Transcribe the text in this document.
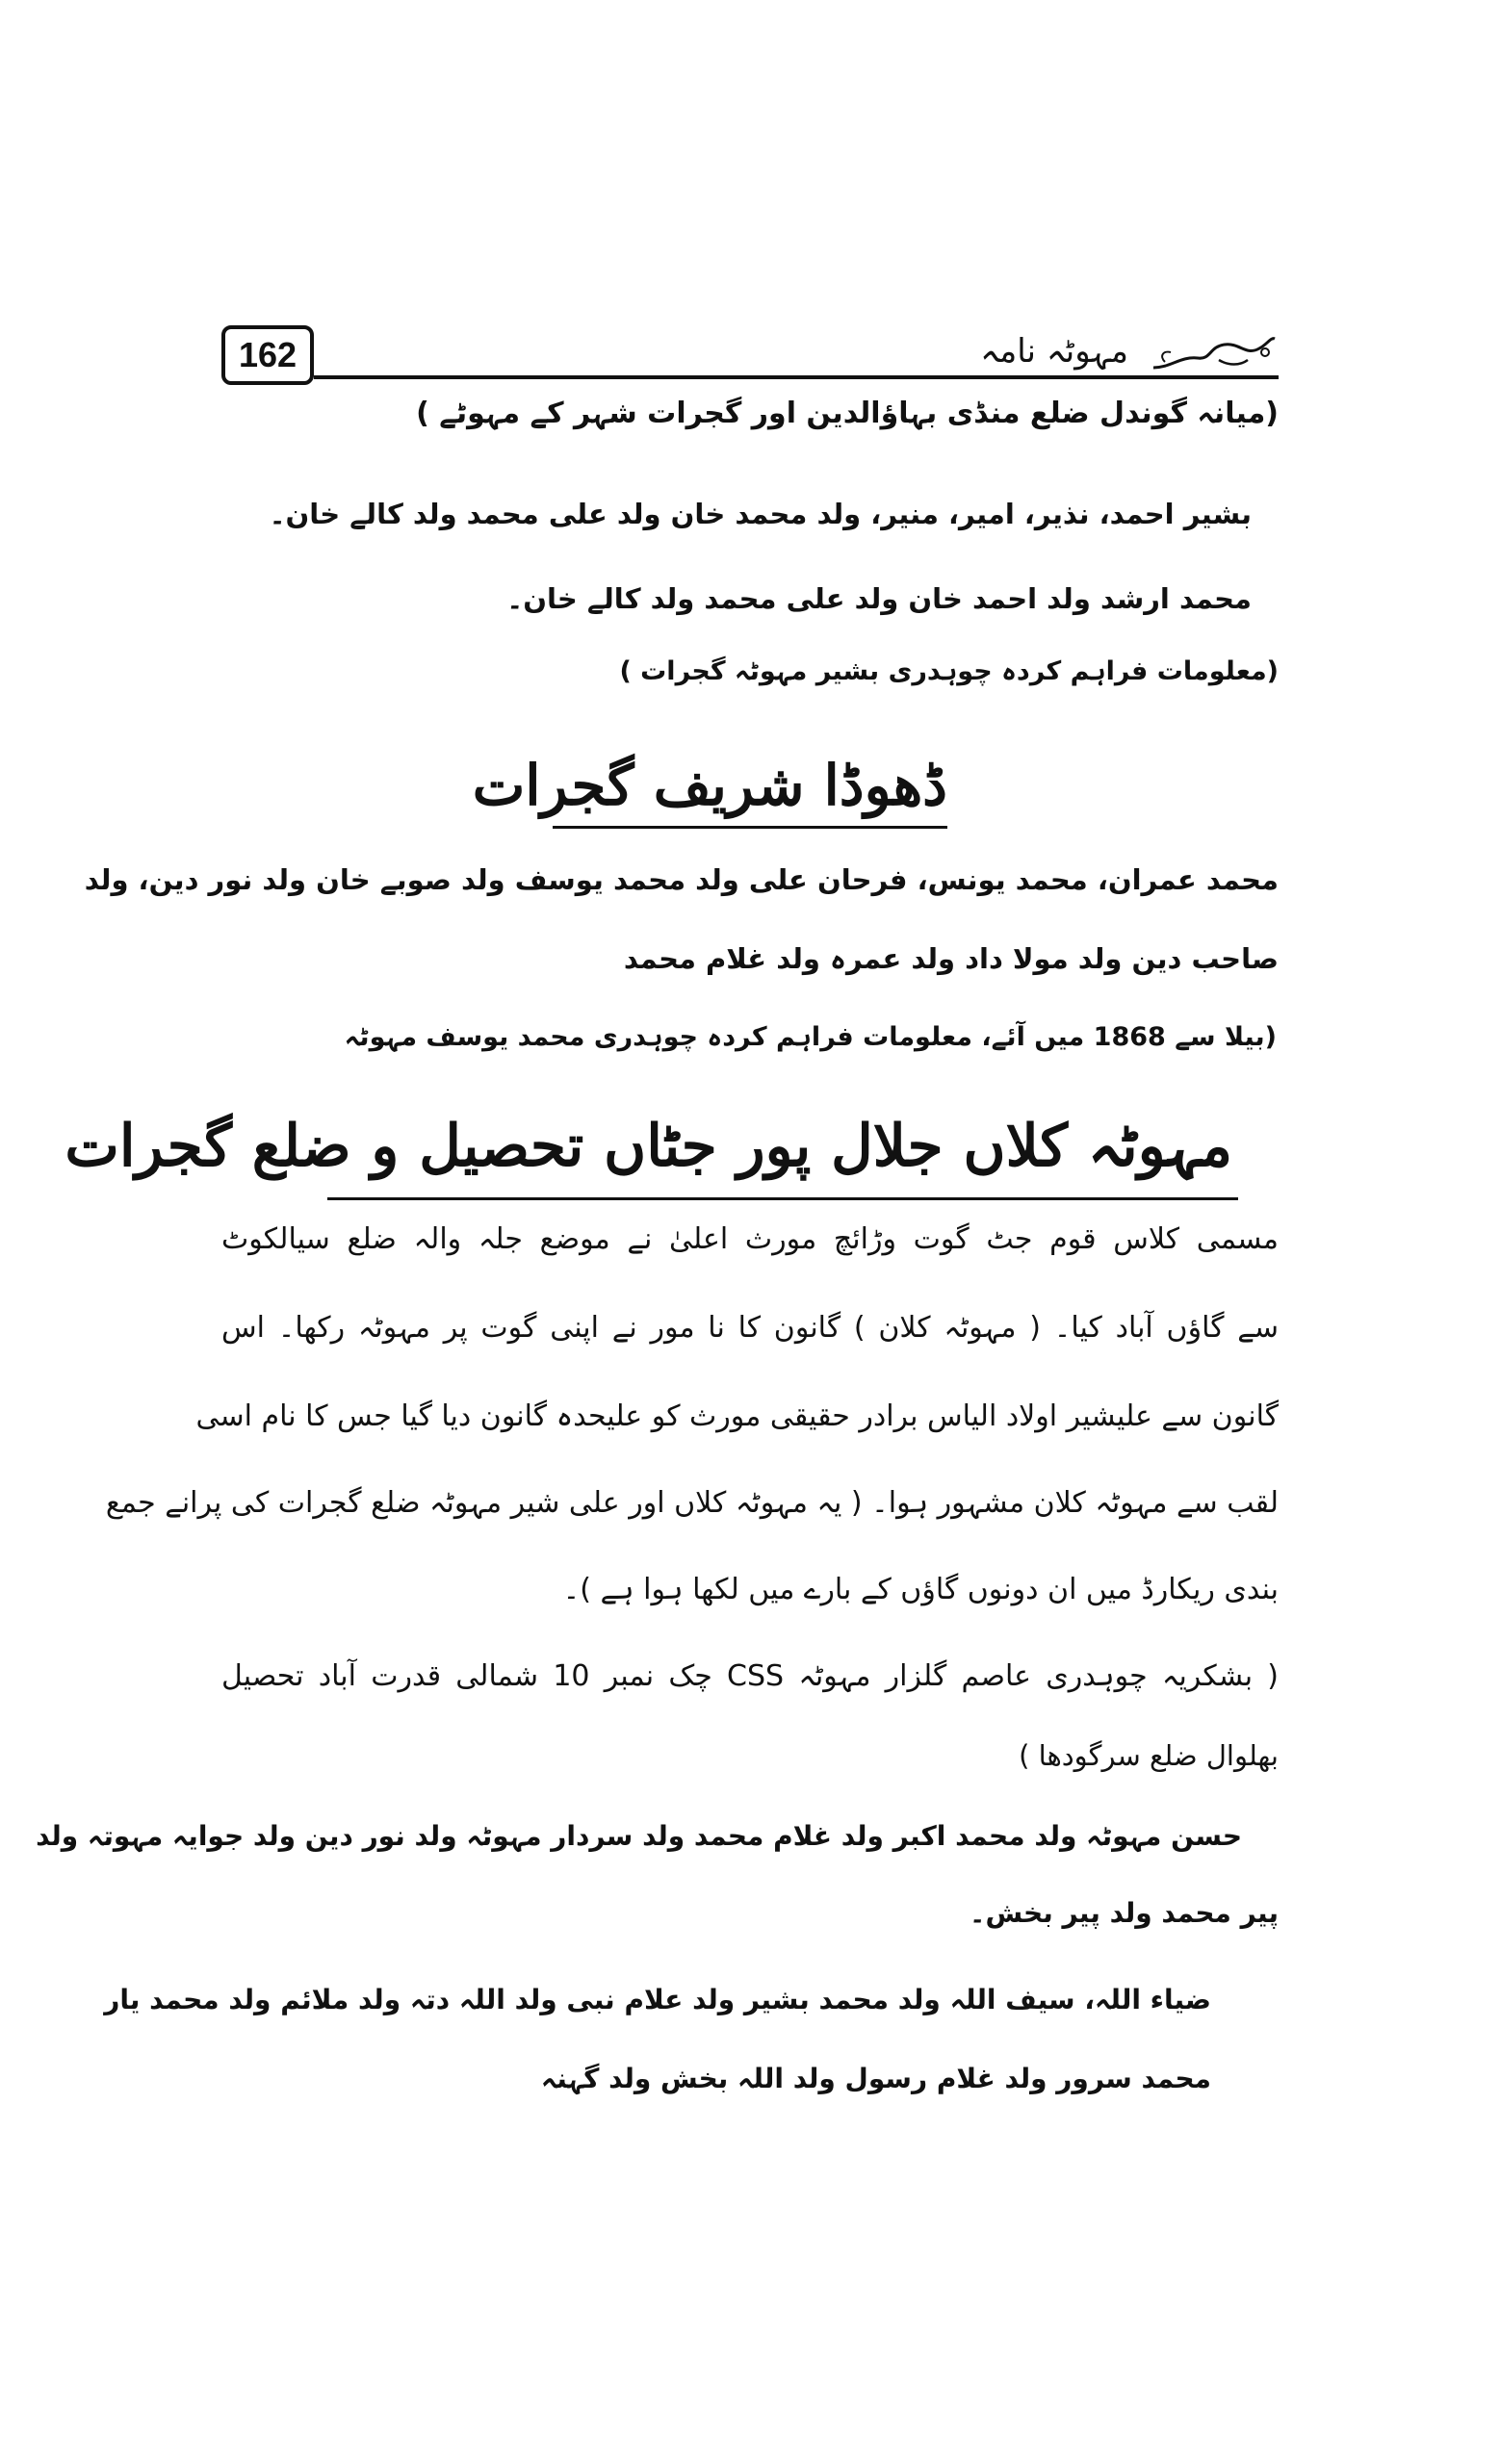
162	مہوٹہ نامہ
(میانہ گوندل ضلع منڈی بہاؤالدین اور گجرات شہر کے مہوٹے )
بشیر احمد، نذیر، امیر، منیر، ولد محمد خان ولد علی محمد ولد کالے خان۔
محمد ارشد ولد احمد خان ولد علی محمد ولد کالے خان۔
(معلومات فراہم کردہ چوہدری بشیر مہوٹہ گجرات )
ڈھوڈا شریف گجرات
محمد عمران، محمد یونس، فرحان علی ولد محمد یوسف ولد صوبے خان ولد نور دین، ولد
صاحب دین ولد مولا داد ولد عمرہ ولد غلام محمد
(بیلا سے 1868 میں آئے، معلومات فراہم کردہ چوہدری محمد یوسف مہوٹہ
مہوٹہ کلاں جلال پور جٹاں تحصیل و ضلع گجرات
مسمی کلاس قوم جٹ گوت وڑائچ مورث اعلیٰ نے موضع جلہ والہ ضلع سیالکوٹ
سے گاؤں آباد کیا۔ ( مہوٹہ کلان ) گانون کا نا مور نے اپنی گوت پر مہوٹہ رکھا۔ اس
گانون سے علیشیر اولاد الیاس برادر حقیقی مورث کو علیحدہ گانون دیا گیا جس کا نام اسی
لقب سے مہوٹہ کلان مشہور ہوا۔ ( یہ مہوٹہ کلاں اور علی شیر مہوٹہ ضلع گجرات کی پرانے جمع
بندی ریکارڈ میں ان دونوں گاؤں کے بارے میں لکھا ہوا ہے )۔
( بشکریہ چوہدری عاصم گلزار مہوٹہ CSS چک نمبر 10 شمالی قدرت آباد تحصیل
بھلوال ضلع سرگودھا )
حسن مہوٹہ ولد محمد اکبر ولد غلام محمد ولد سردار مہوٹہ ولد نور دین ولد جوایہ مہوتہ ولد
پیر محمد ولد پیر بخش۔
ضیاء اللہ، سیف اللہ ولد محمد بشیر ولد علام نبی ولد اللہ دتہ ولد ملائم ولد محمد یار
محمد سرور ولد غلام رسول ولد اللہ بخش ولد گہنہ
